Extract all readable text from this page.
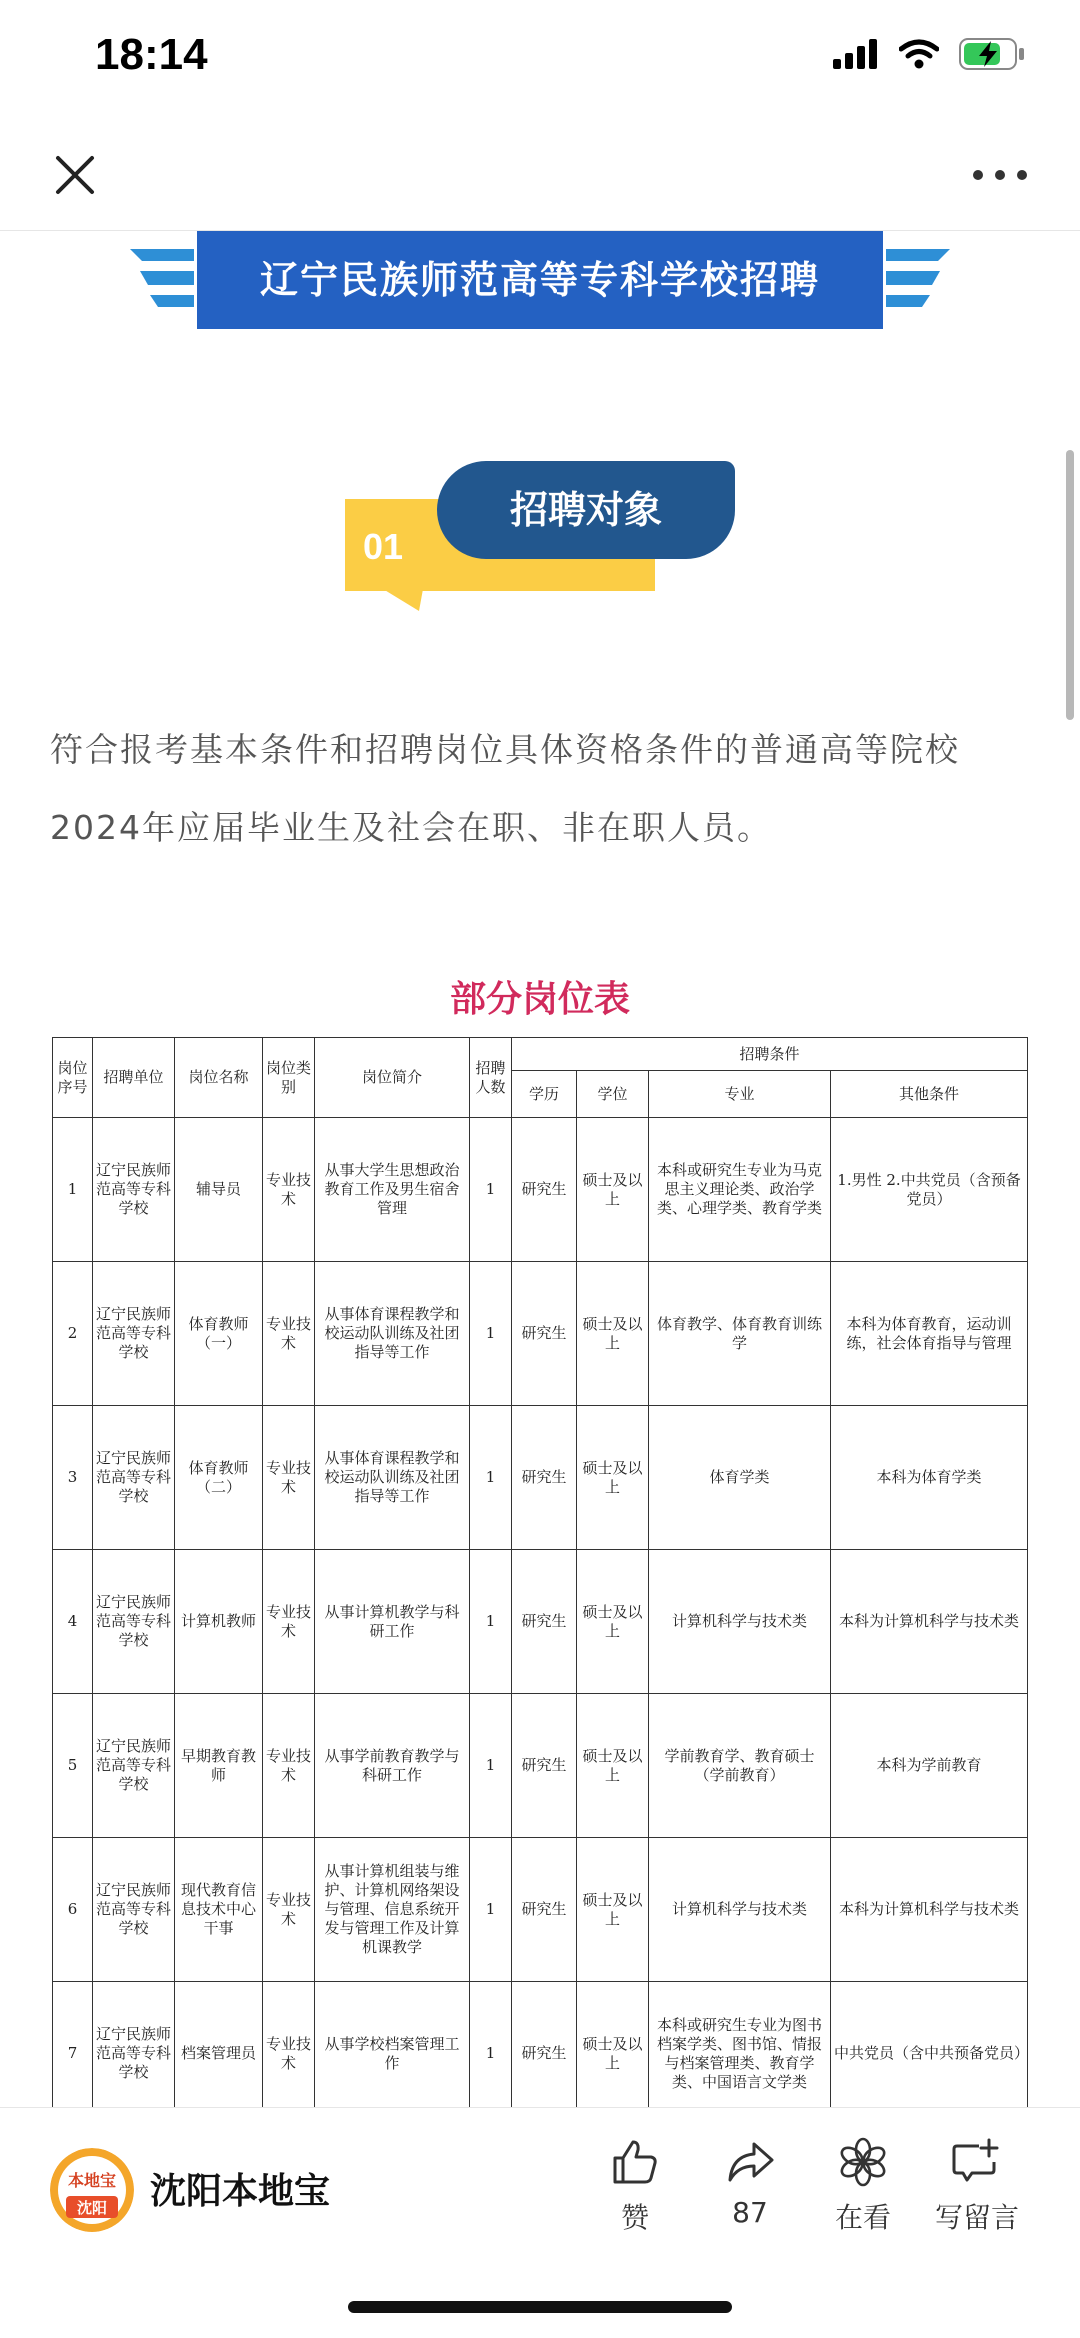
18:14
辽宁民族师范高等专科学校招聘
01
招聘对象
符合报考基本条件和招聘岗位具体资格条件的普通高等院校2024年应届毕业生及社会在职、非在职人员。
部分岗位表
岗位序号	招聘单位	岗位名称	岗位类别	岗位简介	招聘人数	招聘条件			
						学历	学位	专业	其他条件
1	辽宁民族师范高等专科学校	辅导员	专业技术	从事大学生思想政治教育工作及男生宿舍管理	1	研究生	硕士及以上	本科或研究生专业为马克思主义理论类、政治学类、心理学类、教育学类	1.男性 2.中共党员（含预备党员）
2	辽宁民族师范高等专科学校	体育教师（一）	专业技术	从事体育课程教学和校运动队训练及社团指导等工作	1	研究生	硕士及以上	体育教学、体育教育训练学	本科为体育教育，运动训练，社会体育指导与管理
3	辽宁民族师范高等专科学校	体育教师（二）	专业技术	从事体育课程教学和校运动队训练及社团指导等工作	1	研究生	硕士及以上	体育学类	本科为体育学类
4	辽宁民族师范高等专科学校	计算机教师	专业技术	从事计算机教学与科研工作	1	研究生	硕士及以上	计算机科学与技术类	本科为计算机科学与技术类
5	辽宁民族师范高等专科学校	早期教育教师	专业技术	从事学前教育教学与科研工作	1	研究生	硕士及以上	学前教育学、教育硕士（学前教育）	本科为学前教育
6	辽宁民族师范高等专科学校	现代教育信息技术中心干事	专业技术	从事计算机组装与维护、计算机网络架设与管理、信息系统开发与管理工作及计算机课教学	1	研究生	硕士及以上	计算机科学与技术类	本科为计算机科学与技术类
7	辽宁民族师范高等专科学校	档案管理员	专业技术	从事学校档案管理工作	1	研究生	硕士及以上	本科或研究生专业为图书档案学类、图书馆、情报与档案管理类、教育学类、中国语言文学类	中共党员（含中共预备党员）
本地宝
沈阳 沈阳本地宝
赞	87	在看	写留言
